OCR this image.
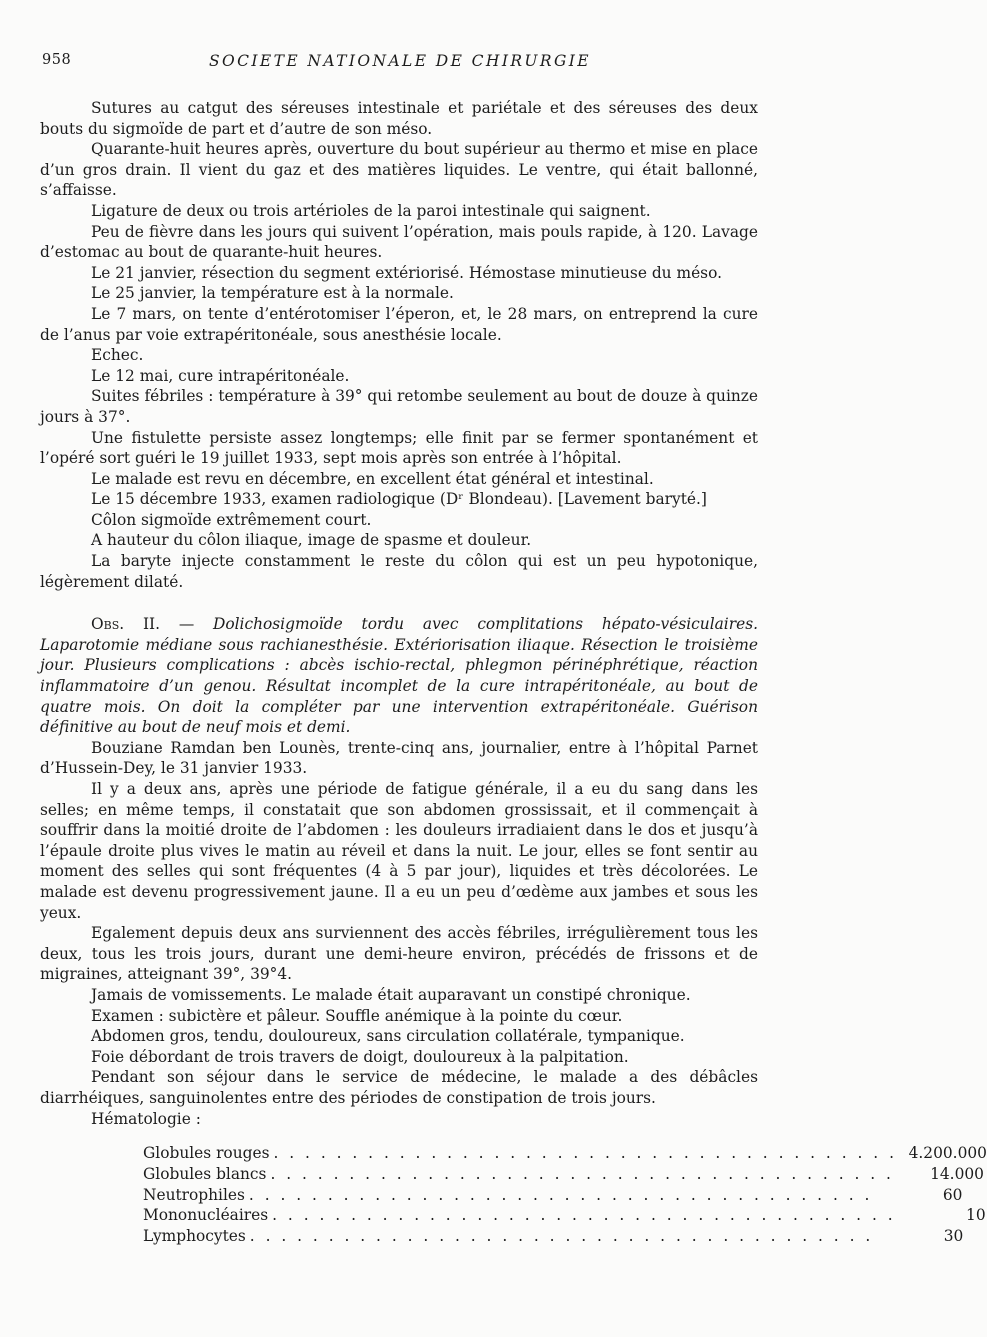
958	SOCIETE NATIONALE DE CHIRURGIE

Sutures au catgut des séreuses intestinale et pariétale et des séreuses des deux bouts du sigmoïde de part et d’autre de son méso.

Quarante-huit heures après, ouverture du bout supérieur au thermo et mise en place d’un gros drain. Il vient du gaz et des matières liquides. Le ventre, qui était ballonné, s’affaisse.

Ligature de deux ou trois artérioles de la paroi intestinale qui saignent.

Peu de fièvre dans les jours qui suivent l’opération, mais pouls rapide, à 120. Lavage d’estomac au bout de quarante-huit heures.

Le 21 janvier, résection du segment extériorisé. Hémostase minutieuse du méso.

Le 25 janvier, la température est à la normale.

Le 7 mars, on tente d’entérotomiser l’éperon, et, le 28 mars, on entreprend la cure de l’anus par voie extrapéritonéale, sous anesthésie locale.

Echec.

Le 12 mai, cure intrapéritonéale.

Suites fébriles : température à 39° qui retombe seulement au bout de douze à quinze jours à 37°.

Une fistulette persiste assez longtemps; elle finit par se fermer spontanément et l’opéré sort guéri le 19 juillet 1933, sept mois après son entrée à l’hôpital.

Le malade est revu en décembre, en excellent état général et intestinal.

Le 15 décembre 1933, examen radiologique (Dʳ Blondeau). [Lavement baryté.]

Côlon sigmoïde extrêmement court.

A hauteur du côlon iliaque, image de spasme et douleur.

La baryte injecte constamment le reste du côlon qui est un peu hypotonique, légèrement dilaté.

Obs. II. — Dolichosigmoïde tordu avec complitations hépato-vésiculaires. Laparotomie médiane sous rachianesthésie. Extériorisation iliaque. Résection le troisième jour. Plusieurs complications : abcès ischio-rectal, phlegmon périnéphrétique, réaction inflammatoire d’un genou. Résultat incomplet de la cure intrapéritonéale, au bout de quatre mois. On doit la compléter par une intervention extrapéritonéale. Guérison définitive au bout de neuf mois et demi.

Bouziane Ramdan ben Lounès, trente-cinq ans, journalier, entre à l’hôpital Parnet d’Hussein-Dey, le 31 janvier 1933.

Il y a deux ans, après une période de fatigue générale, il a eu du sang dans les selles; en même temps, il constatait que son abdomen grossissait, et il commençait à souffrir dans la moitié droite de l’abdomen : les douleurs irradiaient dans le dos et jusqu’à l’épaule droite plus vives le matin au réveil et dans la nuit. Le jour, elles se font sentir au moment des selles qui sont fréquentes (4 à 5 par jour), liquides et très décolorées. Le malade est devenu progressivement jaune. Il a eu un peu d’œdème aux jambes et sous les yeux.

Egalement depuis deux ans surviennent des accès fébriles, irrégulièrement tous les deux, tous les trois jours, durant une demi-heure environ, précédés de frissons et de migraines, atteignant 39°, 39°4.

Jamais de vomissements. Le malade était auparavant un constipé chronique.

Examen : subictère et pâleur. Souffle anémique à la pointe du cœur.

Abdomen gros, tendu, douloureux, sans circulation collatérale, tympanique.

Foie débordant de trois travers de doigt, douloureux à la palpitation.

Pendant son séjour dans le service de médecine, le malade a des débâcles diarrhéiques, sanguinolentes entre des périodes de constipation de trois jours.

Hématologie :

Globules rouges . . . . . . . . . . . . . . . . . . . . . . . . . . . . . . . . . . . . . . . . 4.200.000
Globules blancs . . . . . . . . . . . . . . . . . . . . . . . . . . . . . . . . . . . . . . . .	14.000
Neutrophiles . . . . . . . . . . . . . . . . . . . . . . . . . . . . . . . . . . . . . . . .	60
Mononucléaires . . . . . . . . . . . . . . . . . . . . . . . . . . . . . . . . . . . . . . . .	10
Lymphocytes . . . . . . . . . . . . . . . . . . . . . . . . . . . . . . . . . . . . . . . .	30
